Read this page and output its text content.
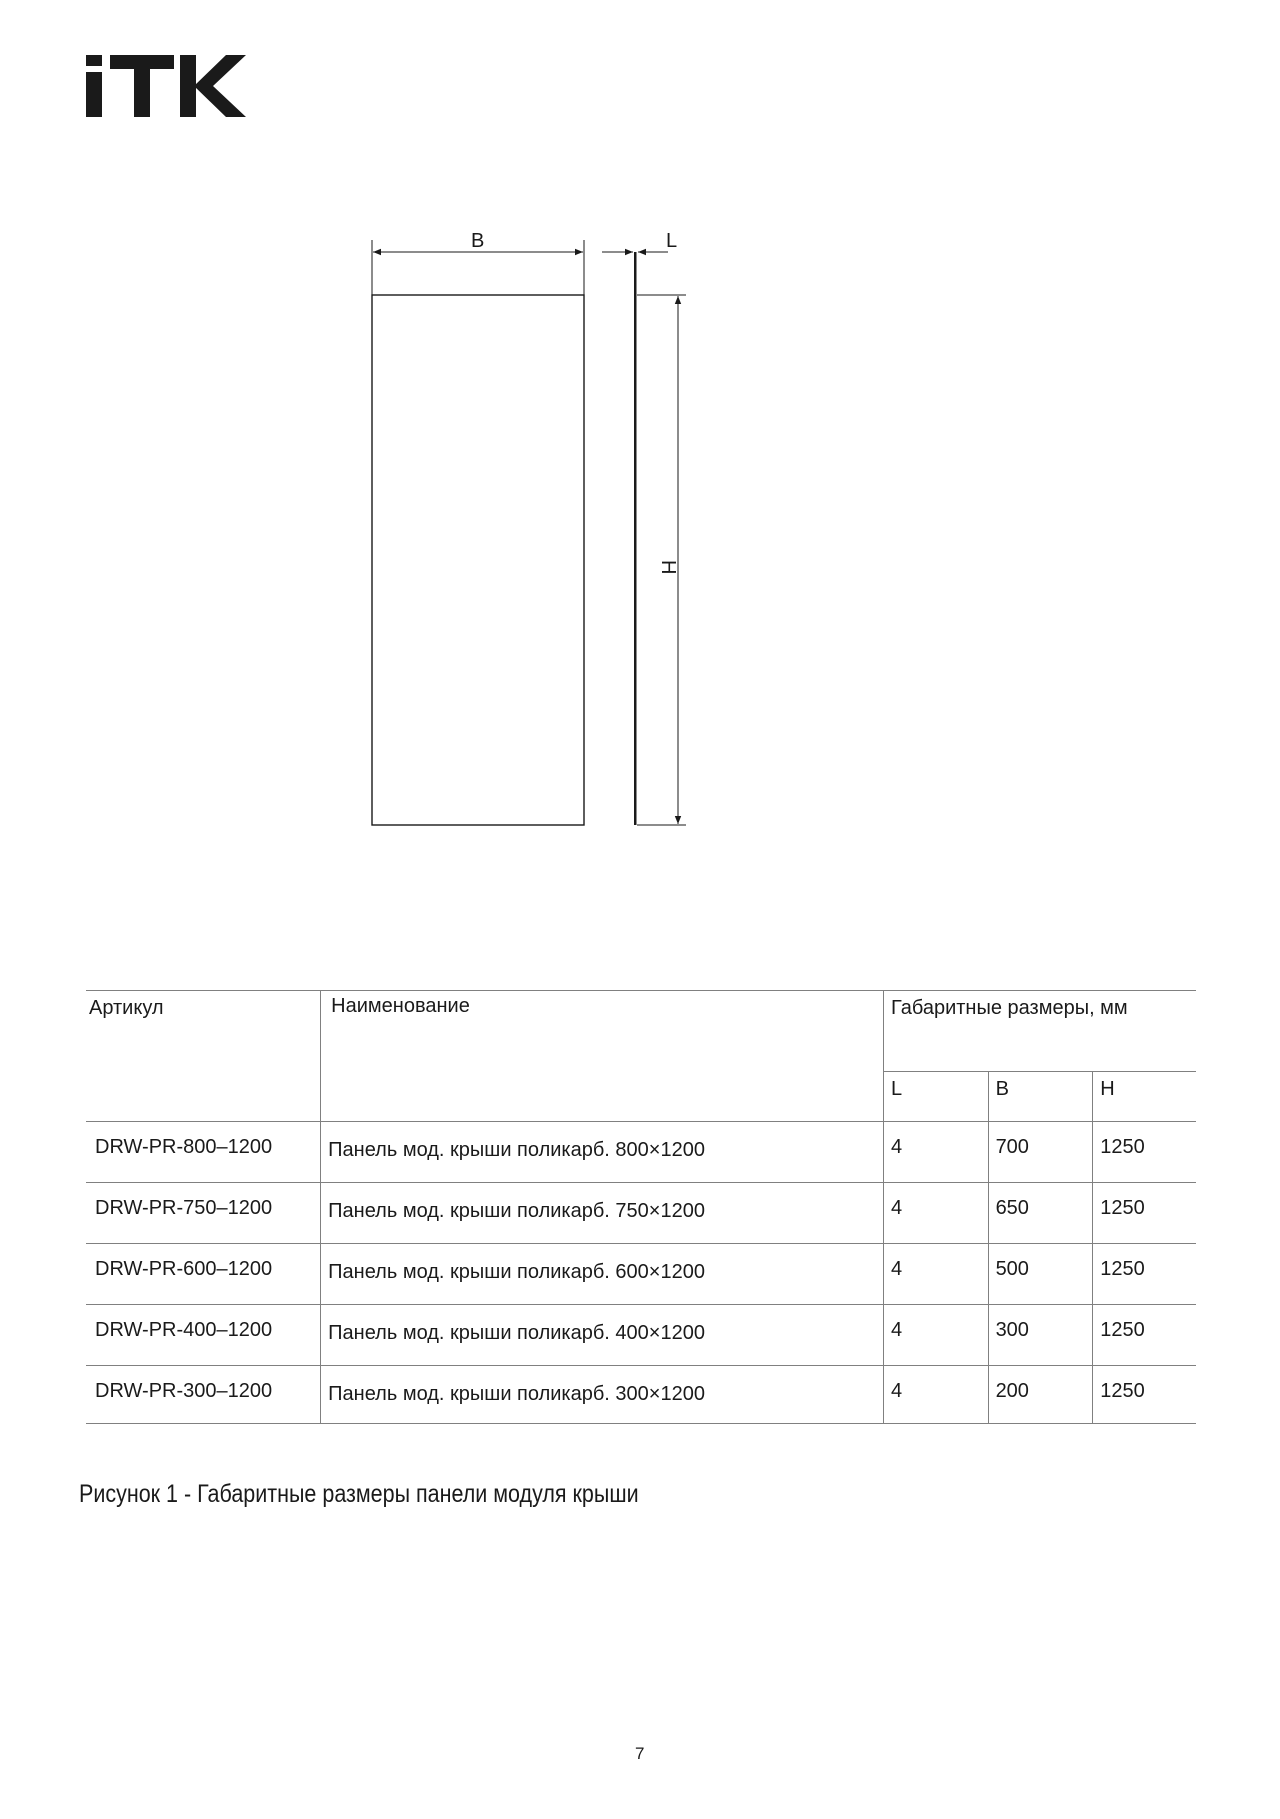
B	L
H
Артикул	Наименование	Габаритные размеры, мм		

		L	B	H

DRW-PR-800–1200	Панель мод. крыши поликарб. 800×1200	4	700	1250

DRW-PR-750–1200	Панель мод. крыши поликарб. 750×1200	4	650	1250

DRW-PR-600–1200	Панель мод. крыши поликарб. 600×1200	4	500	1250

DRW-PR-400–1200	Панель мод. крыши поликарб. 400×1200	4	300	1250

DRW-PR-300–1200	Панель мод. крыши поликарб. 300×1200	4	200	1250
Рисунок 1 - Габаритные размеры панели модуля крыши
7
